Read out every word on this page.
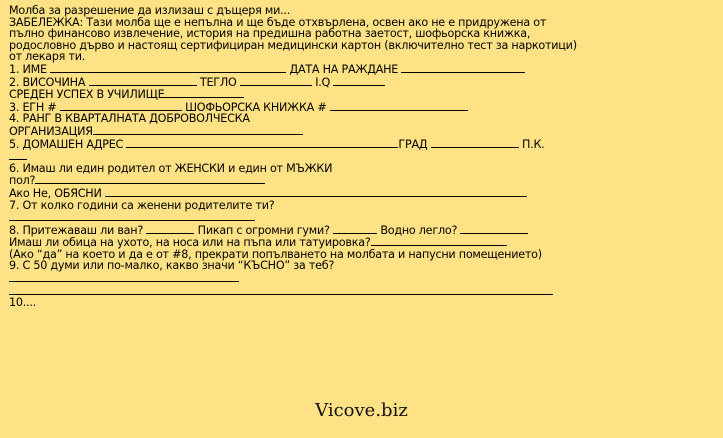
Молба за разрешение да излизаш с дъщеря ми...
ЗАБЕЛЕЖКА: Тази молба ще е непълна и ще бъде отхвърлена, освен ако не е придружена от
пълно финансово извлечение, история на предишна работна заетост, шофьорска книжка,
родословно дърво и настоящ сертифициран медицински картон (включително тест за наркотици)
от лекаря ти.
1. ИМЕ	ДАТА НА РАЖДАНЕ
2. ВИСОЧИНА	ТЕГЛО	I.Q
СРЕДЕН УСПЕХ В УЧИЛИЩЕ
3. ЕГН #	ШОФЬОРСКА КНИЖКА #
4. РАНГ В КВАРТАЛНАТА ДОБРОВОЛЧЕСКА
ОРГАНИЗАЦИЯ
5. ДОМАШЕН АДРЕС	ГРАД	П.К.
6. Имаш ли един родител от ЖЕНСКИ и един от МЪЖКИ
пол?
Ако Не, ОБЯСНИ
7. От колко години са женени родителите ти?
8. Притежаваш ли ван?	Пикап с огромни гуми?	Водно легло?
Имаш ли обица на ухото, на носа или на пъпа или татуировка?
(Ако “да” на което и да е от #8, прекрати попълването на молбата и напусни помещението)
9. С 50 думи или по-малко, какво значи “КЪСНО” за теб?
10....
Vicove.biz
